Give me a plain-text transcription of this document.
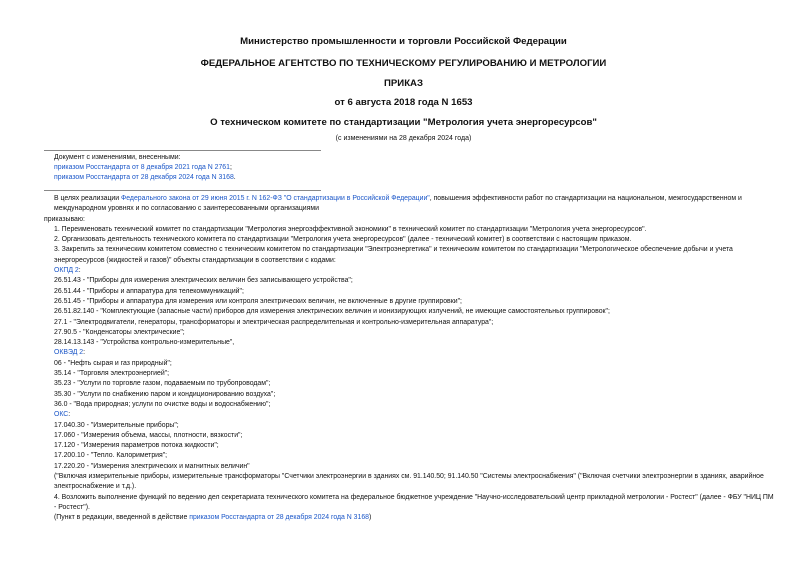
Министерство промышленности и торговли Российской Федерации
ФЕДЕРАЛЬНОЕ АГЕНТСТВО ПО ТЕХНИЧЕСКОМУ РЕГУЛИРОВАНИЮ И МЕТРОЛОГИИ
ПРИКАЗ
от 6 августа 2018 года N 1653
О техническом комитете по стандартизации "Метрология учета энергоресурсов"
(с изменениями на 28 декабря 2024 года)
Документ с изменениями, внесенными:
приказом Росстандарта от 8 декабря 2021 года N 2761;
приказом Росстандарта от 28 декабря 2024 года N 3168.

В целях реализации Федерального закона от 29 июня 2015 г. N 162-ФЗ "О стандартизации в Российской Федерации", повышения эффективности работ по стандартизации на национальном, межгосударственном и международном уровнях и по согласованию с заинтересованными организациями

приказываю:

1. Переименовать технический комитет по стандартизации "Метрология энергоэффективной экономики" в технический комитет по стандартизации "Метрология учета энергоресурсов".

2. Организовать деятельность технического комитета по стандартизации "Метрология учета энергоресурсов" (далее - технический комитет) в соответствии с настоящим приказом.

3. Закрепить за техническим комитетом совместно с техническим комитетом по стандартизации "Электроэнергетика" и техническим комитетом по стандартизации "Метрологическое обеспечение добычи и учета энергоресурсов (жидкостей и газов)" объекты стандартизации в соответствии с кодами:

ОКПД 2:

26.51.43 - "Приборы для измерения электрических величин без записывающего устройства";

26.51.44 - "Приборы и аппаратура для телекоммуникаций";

26.51.45 - "Приборы и аппаратура для измерения или контроля электрических величин, не включенные в другие группировки";

26.51.82.140 - "Комплектующие (запасные части) приборов для измерения электрических величин и ионизирующих излучений, не имеющие самостоятельных группировок";

27.1 - "Электродвигатели, генераторы, трансформаторы и электрическая распределительная и контрольно-измерительная аппаратура";

27.90.5 - "Конденсаторы электрические";

28.14.13.143 - "Устройства контрольно-измерительные",

ОКВЭД 2:

06 - "Нефть сырая и газ природный";

35.14 - "Торговля электроэнергией";

35.23 - "Услуги по торговле газом, подаваемым по трубопроводам";

35.30 - "Услуги по снабжению паром и кондиционированию воздуха";

36.0 - "Вода природная; услуги по очистке воды и водоснабжению";

ОКС:

17.040.30 - "Измерительные приборы";

17.060 - "Измерения объема, массы, плотности, вязкости";

17.120 - "Измерения параметров потока жидкости";

17.200.10 - "Тепло. Калориметрия";

17.220.20 - "Измерения электрических и магнитных величин"

("Включая измерительные приборы, измерительные трансформаторы "Счетчики электроэнергии в зданиях см. 91.140.50; 91.140.50 "Системы электроснабжения" ("Включая счетчики электроэнергии в зданиях, аварийное электроснабжение и т.д.).

4. Возложить выполнение функций по ведению дел секретариата технического комитета на федеральное бюджетное учреждение "Научно-исследовательский центр прикладной метрологии - Ростест" (далее - ФБУ "НИЦ ПМ - Ростест").

(Пункт в редакции, введенной в действие приказом Росстандарта от 28 декабря 2024 года N 3168)
